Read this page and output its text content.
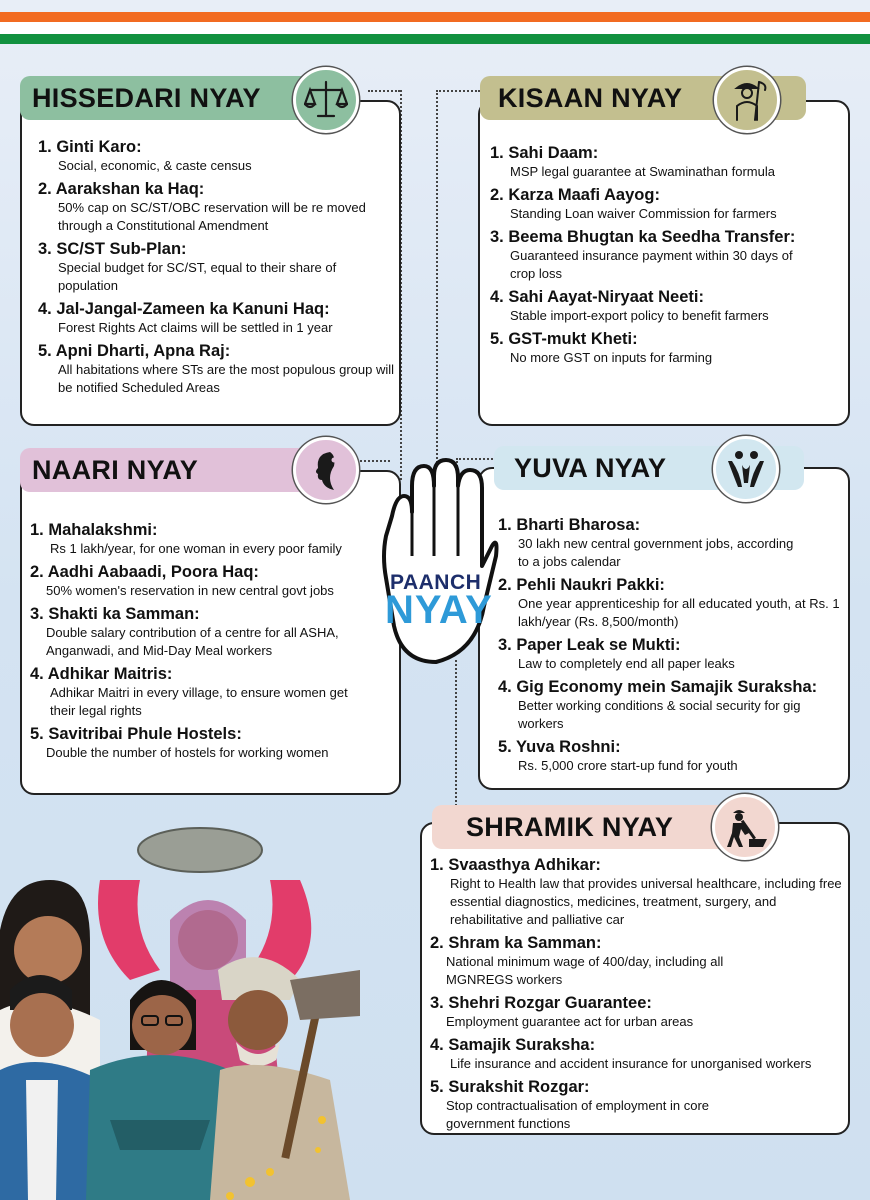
HISSEDARI NYAY
1. Ginti Karo:
Social, economic, & caste census
2. Aarakshan ka Haq:
50% cap on SC/ST/OBC reservation will be re moved through a Constitutional Amendment
3. SC/ST Sub-Plan:
Special budget for SC/ST, equal to their share of population
4. Jal-Jangal-Zameen ka Kanuni Haq:
Forest Rights Act claims will be settled in 1 year
5. Apni Dharti, Apna Raj:
All habitations where STs are the most populous group will be notified Scheduled Areas
KISAAN NYAY
1. Sahi Daam:
MSP legal guarantee at Swaminathan formula
2. Karza Maafi Aayog:
Standing Loan waiver Commission for farmers
3. Beema Bhugtan ka Seedha Transfer:
Guaranteed insurance payment within 30 days of crop loss
4. Sahi Aayat-Niryaat Neeti:
Stable import-export policy to benefit farmers
5. GST-mukt Kheti:
No more GST on inputs for farming
NAARI NYAY
1. Mahalakshmi:
Rs 1 lakh/year, for one woman in every poor family
2. Aadhi Aabaadi, Poora Haq:
50% women's reservation in new central govt jobs
3. Shakti ka Samman:
Double salary contribution of a centre for all ASHA, Anganwadi, and Mid-Day Meal workers
4. Adhikar Maitris:
Adhikar Maitri in every village, to ensure women get their legal rights
5. Savitribai Phule Hostels:
Double the number of hostels for working women
YUVA NYAY
1. Bharti Bharosa:
30 lakh new central government jobs, according to a jobs calendar
2. Pehli Naukri Pakki:
One year apprenticeship for all educated youth, at Rs. 1 lakh/year (Rs. 8,500/month)
3. Paper Leak se Mukti:
Law to completely end all paper leaks
4. Gig Economy mein Samajik Suraksha:
Better working conditions & social security for gig workers
5. Yuva Roshni:
Rs. 5,000 crore start-up fund for youth
SHRAMIK NYAY
1. Svaasthya Adhikar:
Right to Health law that provides universal healthcare, including free essential diagnostics, medicines, treatment, surgery, and rehabilitative and palliative car
2. Shram ka Samman:
National minimum wage of 400/day, including all MGNREGS workers
3. Shehri Rozgar Guarantee:
Employment guarantee act for urban areas
4. Samajik Suraksha:
Life insurance and accident insurance for unorganised workers
5. Surakshit Rozgar:
Stop contractualisation of employment in core government functions
PAANCH
NYAY
